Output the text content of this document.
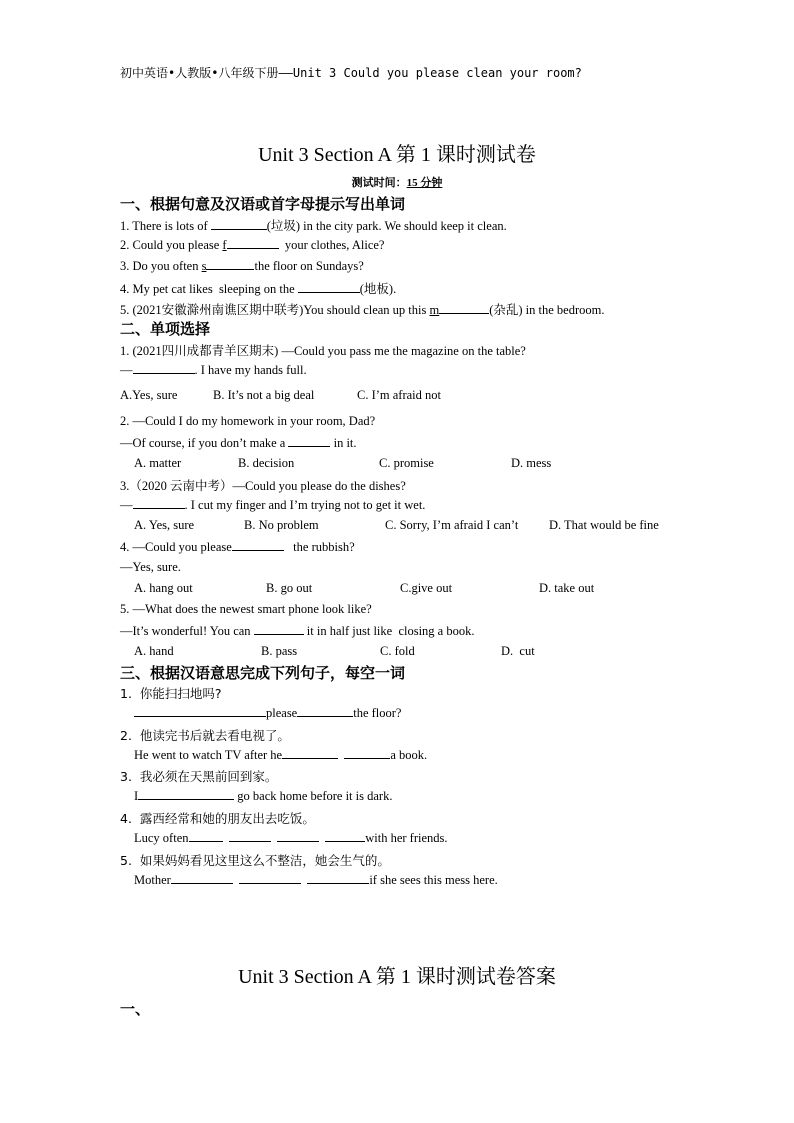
初中英语•人教版•八年级下册——Unit 3 Could you please clean your room?
Unit 3 Section A 第 1 课时测试卷
测试时间：15 分钟
一、根据句意及汉语或首字母提示写出单词
1. There is lots of	(垃圾) in the city park. We should keep it clean.
2. Could you please f	your clothes, Alice?
3. Do you often s	the floor on Sundays?
4. My pet cat likes  sleeping on the	(地板).
5. (2021安徽滁州南谯区期中联考)You should clean up this m	(杂乱) in the bedroom.
二、单项选择
1. (2021四川成都青羊区期末) —Could you pass me the magazine on the table?
—	. I have my hands full.
A.Yes, sure	B. It’s not a big deal	C. I’m afraid not
2. —Could I do my homework in your room, Dad?
—Of course, if you don’t make a	in it.
A. matter	B. decision	C. promise	D. mess
3.（2020 云南中考）—Could you please do the dishes?
—	. I cut my finger and I’m trying not to get it wet.
A. Yes, sure	B. No problem	C. Sorry, I’m afraid I can’t D. That would be fine
4. —Could you please	the rubbish?
—Yes, sure.
A. hang out	B. go out	C.give out	D. take out
5. —What does the newest smart phone look like?
—It’s wonderful! You can	it in half just like  closing a book.
A. hand	B. pass	C. fold	D.  cut
三、根据汉语意思完成下列句子，每空一词
1.  你能扫扫地吗?
please	the floor?
2.  他读完书后就去看电视了。
He went to watch TV after he	a book.
3.  我必须在天黑前回到家。
I	go back home before it is dark.
4.  露西经常和她的朋友出去吃饭。
Lucy often	with her friends.
5.  如果妈妈看见这里这么不整洁，她会生气的。
Mother	if she sees this mess here.
Unit 3 Section A 第 1 课时测试卷答案
一、
